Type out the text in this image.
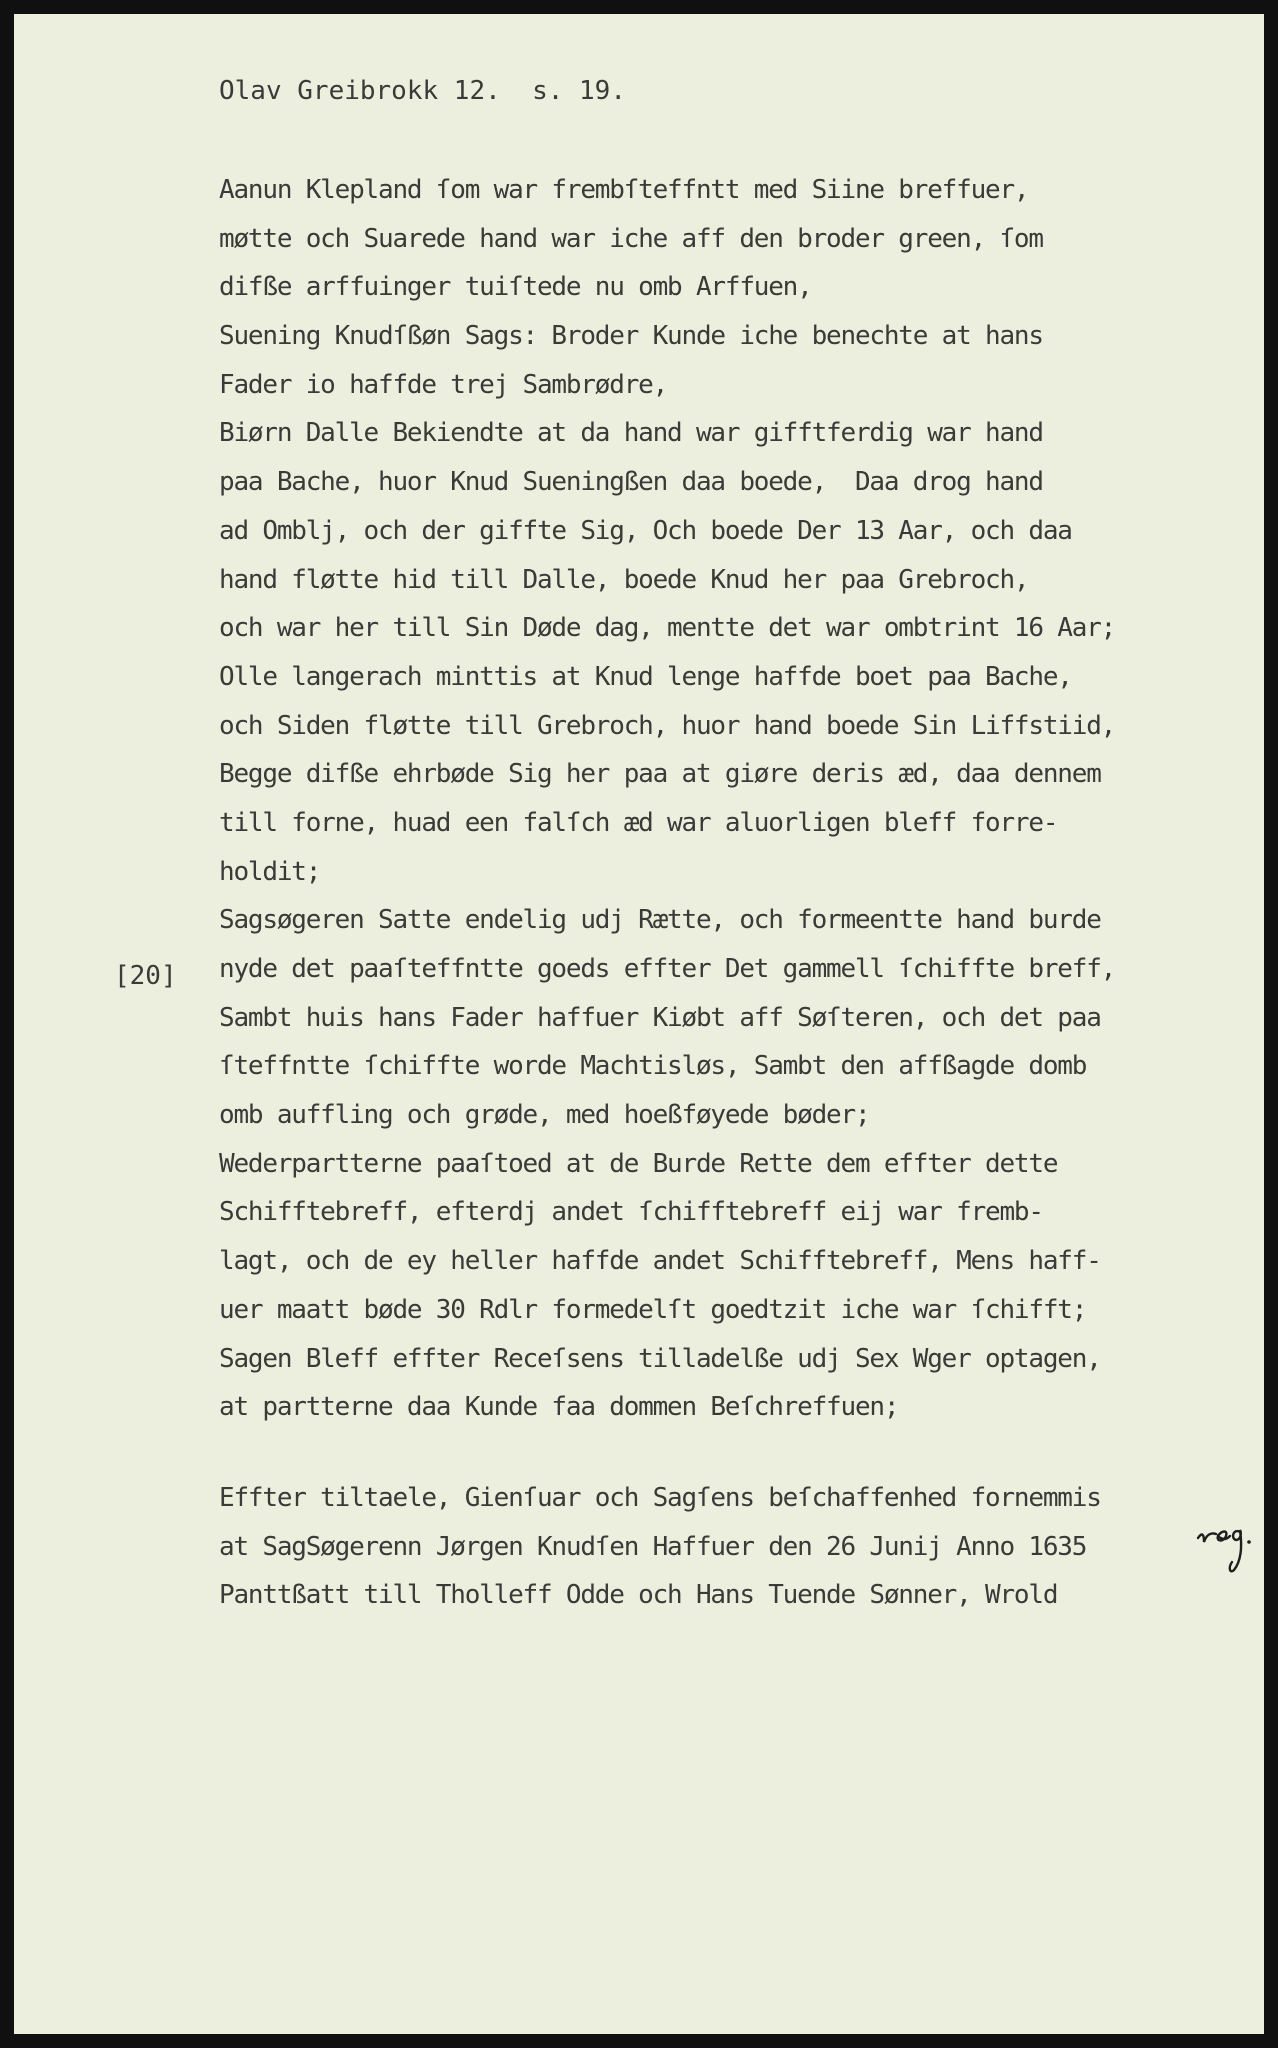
Olav Greibrokk 12.  s. 19.
Aanun Klepland ſom war frembſteffntt med Siine breffuer,
møtte och Suarede hand war iche aff den broder green, ſom
difße arffuinger tuiſtede nu omb Arffuen,
Suening Knudſßøn Sags: Broder Kunde iche benechte at hans
Fader io haffde trej Sambrødre,
Biørn Dalle Bekiendte at da hand war gifftferdig war hand
paa Bache, huor Knud Sueningßen daa boede,  Daa drog hand
ad Omblj, och der giffte Sig, Och boede Der 13 Aar, och daa
hand fløtte hid till Dalle, boede Knud her paa Grebroch,
och war her till Sin Døde dag, mentte det war ombtrint 16 Aar;
Olle langerach minttis at Knud lenge haffde boet paa Bache,
och Siden fløtte till Grebroch, huor hand boede Sin Liffstiid,
Begge difße ehrbøde Sig her paa at giøre deris æd, daa dennem
till forne, huad een falſch æd war aluorligen bleff forre-
holdit;
Sagsøgeren Satte endelig udj Rætte, och formeentte hand burde
nyde det paaſteffntte goeds effter Det gammell ſchiffte breff,
Sambt huis hans Fader haffuer Kiøbt aff Søſteren, och det paa
ſteffntte ſchiffte worde Machtisløs, Sambt den affßagde domb
omb auffling och grøde, med hoeßføyede bøder;
Wederpartterne paaſtoed at de Burde Rette dem effter dette
Schifftebreff, efterdj andet ſchifftebreff eij war fremb-
lagt, och de ey heller haffde andet Schifftebreff, Mens haff-
uer maatt bøde 30 Rdlr formedelſt goedtzit iche war ſchifft;
Sagen Bleff effter Receſsens tilladelßе udj Sex Wger optagen,
at partterne daa Kunde faa dommen Beſchreffuen;
[20]
Effter tiltaele, Gienſuar och Sagſens beſchaffenhed fornemmis
at SagSøgerenn Jørgen Knudſen Haffuer den 26 Junij Anno 1635
Panttßatt till Tholleff Odde och Hans Tuende Sønner, Wrold
